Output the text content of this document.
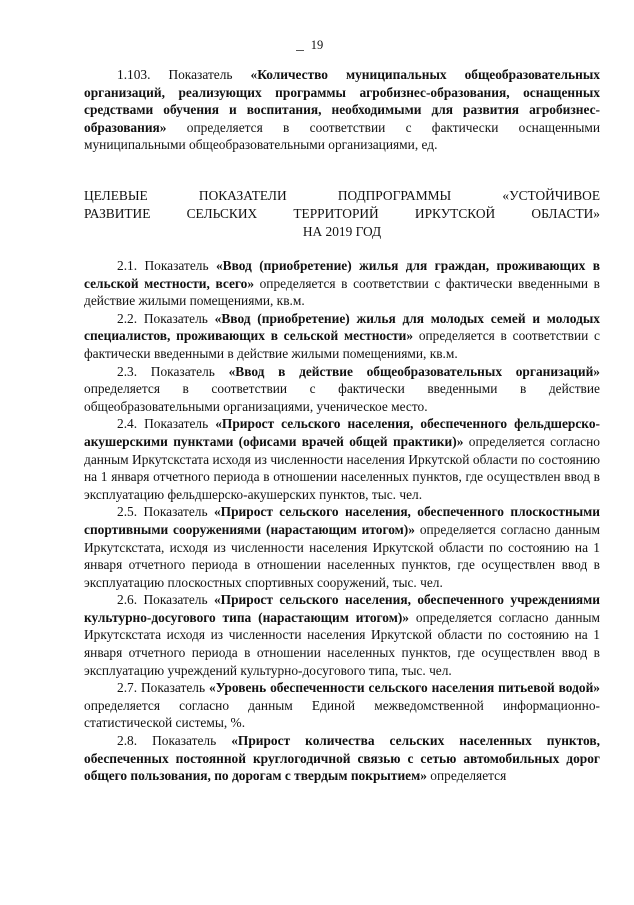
19

1.103. Показатель «Количество муниципальных общеобразовательных организаций, реализующих программы агробизнес-образования, оснащенных средствами обучения и воспитания, необходимыми для развития агробизнес-образования» определяется в соответствии с фактически оснащенными муниципальными общеобразовательными организациями, ед.

ЦЕЛЕВЫЕ ПОКАЗАТЕЛИ ПОДПРОГРАММЫ «УСТОЙЧИВОЕ
РАЗВИТИЕ СЕЛЬСКИХ ТЕРРИТОРИЙ ИРКУТСКОЙ ОБЛАСТИ»
НА 2019 ГОД

2.1. Показатель «Ввод (приобретение) жилья для граждан, проживающих в сельской местности, всего» определяется в соответствии с фактически введенными в действие жилыми помещениями, кв.м.

2.2. Показатель «Ввод (приобретение) жилья для молодых семей и молодых специалистов, проживающих в сельской местности» определяется в соответствии с фактически введенными в действие жилыми помещениями, кв.м.

2.3. Показатель «Ввод в действие общеобразовательных организаций» определяется в соответствии с фактически введенными в действие общеобразовательными организациями, ученическое место.

2.4. Показатель «Прирост сельского населения, обеспеченного фельдшерско-акушерскими пунктами (офисами врачей общей практики)» определяется согласно данным Иркутскстата исходя из численности населения Иркутской области по состоянию на 1 января отчетного периода в отношении населенных пунктов, где осуществлен ввод в эксплуатацию фельдшерско-акушерских пунктов, тыс. чел.

2.5. Показатель «Прирост сельского населения, обеспеченного плоскостными спортивными сооружениями (нарастающим итогом)» определяется согласно данным Иркутскстата, исходя из численности населения Иркутской области по состоянию на 1 января отчетного периода в отношении населенных пунктов, где осуществлен ввод в эксплуатацию плоскостных спортивных сооружений, тыс. чел.

2.6. Показатель «Прирост сельского населения, обеспеченного учреждениями культурно-досугового типа (нарастающим итогом)» определяется согласно данным Иркутскстата исходя из численности населения Иркутской области по состоянию на 1 января отчетного периода в отношении населенных пунктов, где осуществлен ввод в эксплуатацию учреждений культурно-досугового типа, тыс. чел.

2.7. Показатель «Уровень обеспеченности сельского населения питьевой водой» определяется согласно данным Единой межведомственной информационно-статистической системы, %.

2.8. Показатель «Прирост количества сельских населенных пунктов, обеспеченных постоянной круглогодичной связью с сетью автомобильных дорог общего пользования, по дорогам с твердым покрытием» определяется
